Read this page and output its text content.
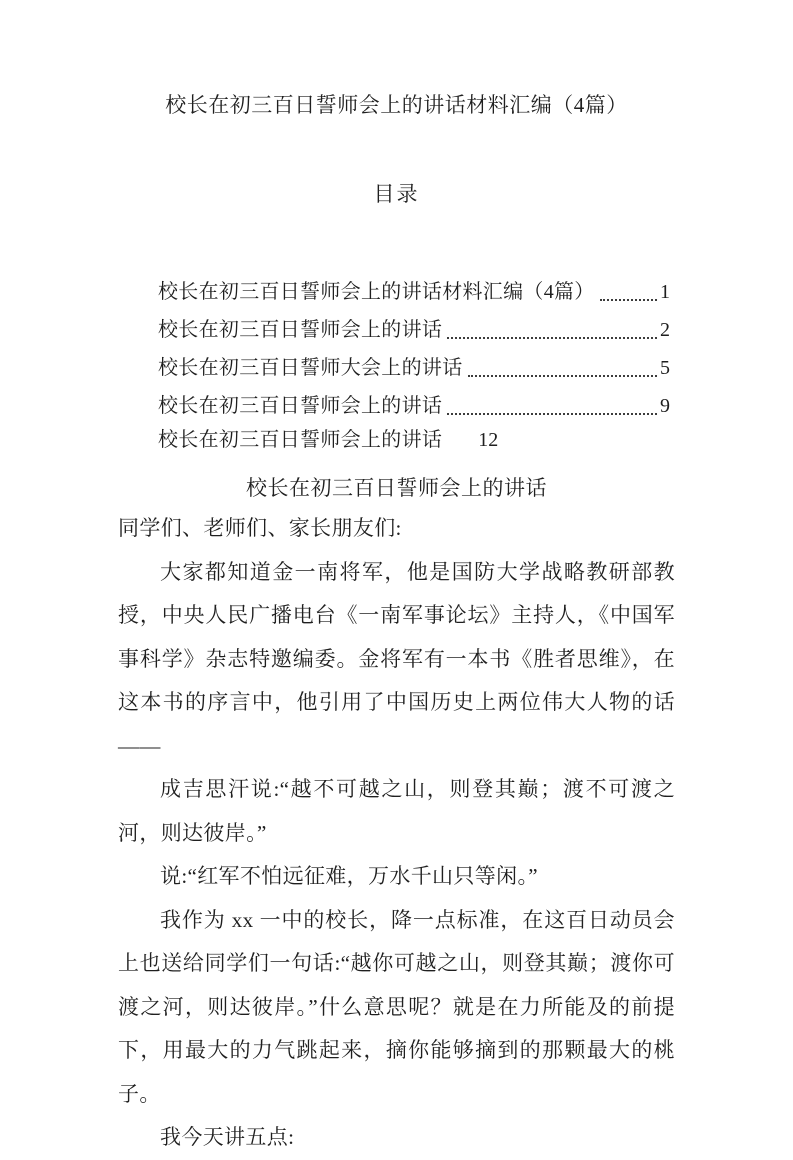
校长在初三百日誓师会上的讲话材料汇编（4篇）
目录
校长在初三百日誓师会上的讲话材料汇编（4篇）	1
校长在初三百日誓师会上的讲话	2
校长在初三百日誓师大会上的讲话	5
校长在初三百日誓师会上的讲话	9
校长在初三百日誓师会上的讲话 12
校长在初三百日誓师会上的讲话

同学们、老师们、家长朋友们:

大家都知道金一南将军，他是国防大学战略教研部教授，中央人民广播电台《一南军事论坛》主持人，《中国军事科学》杂志特邀编委。金将军有一本书《胜者思维》，在这本书的序言中，他引用了中国历史上两位伟大人物的话——

成吉思汗说:“越不可越之山，则登其巅；渡不可渡之河，则达彼岸。”

说:“红军不怕远征难，万水千山只等闲。”

我作为 xx 一中的校长，降一点标准，在这百日动员会上也送给同学们一句话:“越你可越之山，则登其巅；渡你可渡之河，则达彼岸。”什么意思呢？就是在力所能及的前提下，用最大的力气跳起来，摘你能够摘到的那颗最大的桃子。

我今天讲五点:
